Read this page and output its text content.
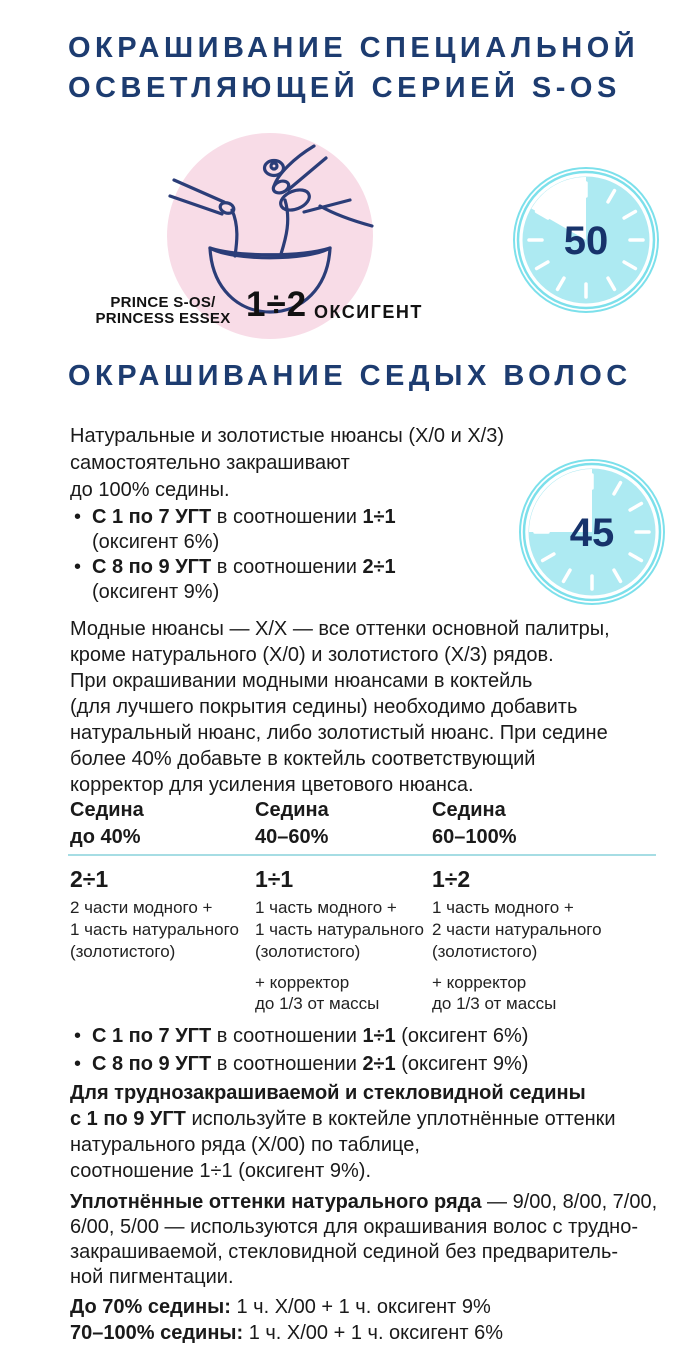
ОКРАШИВАНИЕ СПЕЦИАЛЬНОЙ
ОСВЕТЛЯЮЩЕЙ СЕРИЕЙ S-OS
PRINCE S-OS/
PRINCESS ESSEX 1÷2 ОКСИГЕНТ
50
ОКРАШИВАНИЕ СЕДЫХ ВОЛОС
Натуральные и золотистые нюансы (Х/0 и Х/3)
самостоятельно закрашивают
до 100% седины.
• С 1 по 7 УГТ в соотношении 1÷1
(оксигент 6%)
• С 8 по 9 УГТ в соотношении 2÷1
(оксигент 9%)
45
Модные нюансы — Х/Х — все оттенки основной палитры,
кроме натурального (Х/0) и золотистого (Х/3) рядов.
При окрашивании модными нюансами в коктейль
(для лучшего покрытия седины) необходимо добавить
натуральный нюанс, либо золотистый нюанс. При седине
более 40% добавьте в коктейль соответствующий
корректор для усиления цветового нюанса.
Седина
до 40%
2÷1
2 части модного +
1 часть натурального
(золотистого)
Седина
40–60%
1÷1
1 часть модного +
1 часть натурального
(золотистого)
+ корректор
до 1/3 от массы
Седина
60–100%
1÷2
1 часть модного +
2 части натурального
(золотистого)
+ корректор
до 1/3 от массы
• С 1 по 7 УГТ в соотношении 1÷1 (оксигент 6%)
• С 8 по 9 УГТ в соотношении 2÷1 (оксигент 9%)
Для труднозакрашиваемой и стекловидной седины
с 1 по 9 УГТ используйте в коктейле уплотнённые оттенки
натурального ряда (Х/00) по таблице,
соотношение 1÷1 (оксигент 9%).
Уплотнённые оттенки натурального ряда — 9/00, 8/00, 7/00,
6/00, 5/00 — используются для окрашивания волос с трудно-
закрашиваемой, стекловидной сединой без предваритель-
ной пигментации.
До 70% седины: 1 ч. Х/00 + 1 ч. оксигент 9%
70–100% седины: 1 ч. Х/00 + 1 ч. оксигент 6%
